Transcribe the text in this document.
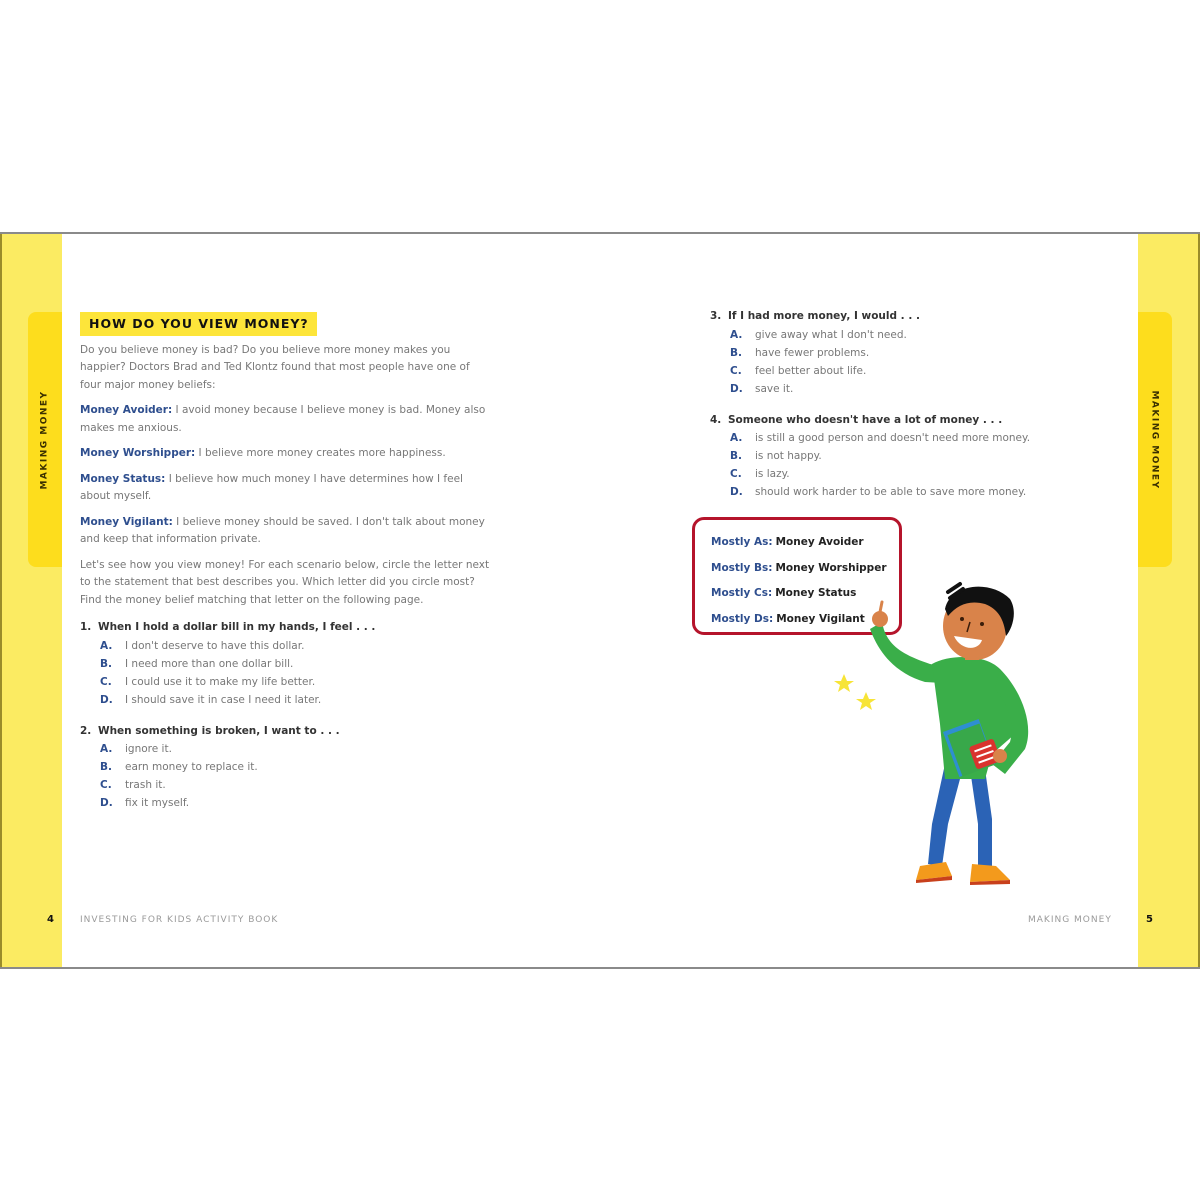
MAKING MONEY
4	INVESTING FOR KIDS ACTIVITY BOOK
MAKING MONEY
5
MAKING MONEY
HOW DO YOU VIEW MONEY?

Do you believe money is bad? Do you believe more money makes you happier? Doctors Brad and Ted Klontz found that most people have one of four major money beliefs:

Money Avoider: I avoid money because I believe money is bad. Money also makes me anxious.

Money Worshipper: I believe more money creates more happiness.

Money Status: I believe how much money I have determines how I feel about myself.

Money Vigilant: I believe money should be saved. I don't talk about money and keep that information private.

Let's see how you view money! For each scenario below, circle the letter next to the statement that best describes you. Which letter did you circle most? Find the money belief matching that letter on the following page.

1. When I hold a dollar bill in my hands, I feel . . .
A. I don't deserve to have this dollar.
B. I need more than one dollar bill.
C. I could use it to make my life better.
D. I should save it in case I need it later.
2. When something is broken, I want to . . .
A. ignore it.
B. earn money to replace it.
C. trash it.
D. fix it myself.
3. If I had more money, I would . . .
A. give away what I don't need.
B. have fewer problems.
C. feel better about life.
D. save it.
4. Someone who doesn't have a lot of money . . .
A. is still a good person and doesn't need more money.
B. is not happy.
C. is lazy.
D. should work harder to be able to save more money.
Mostly As: Money Avoider
Mostly Bs: Money Worshipper
Mostly Cs: Money Status
Mostly Ds: Money Vigilant
